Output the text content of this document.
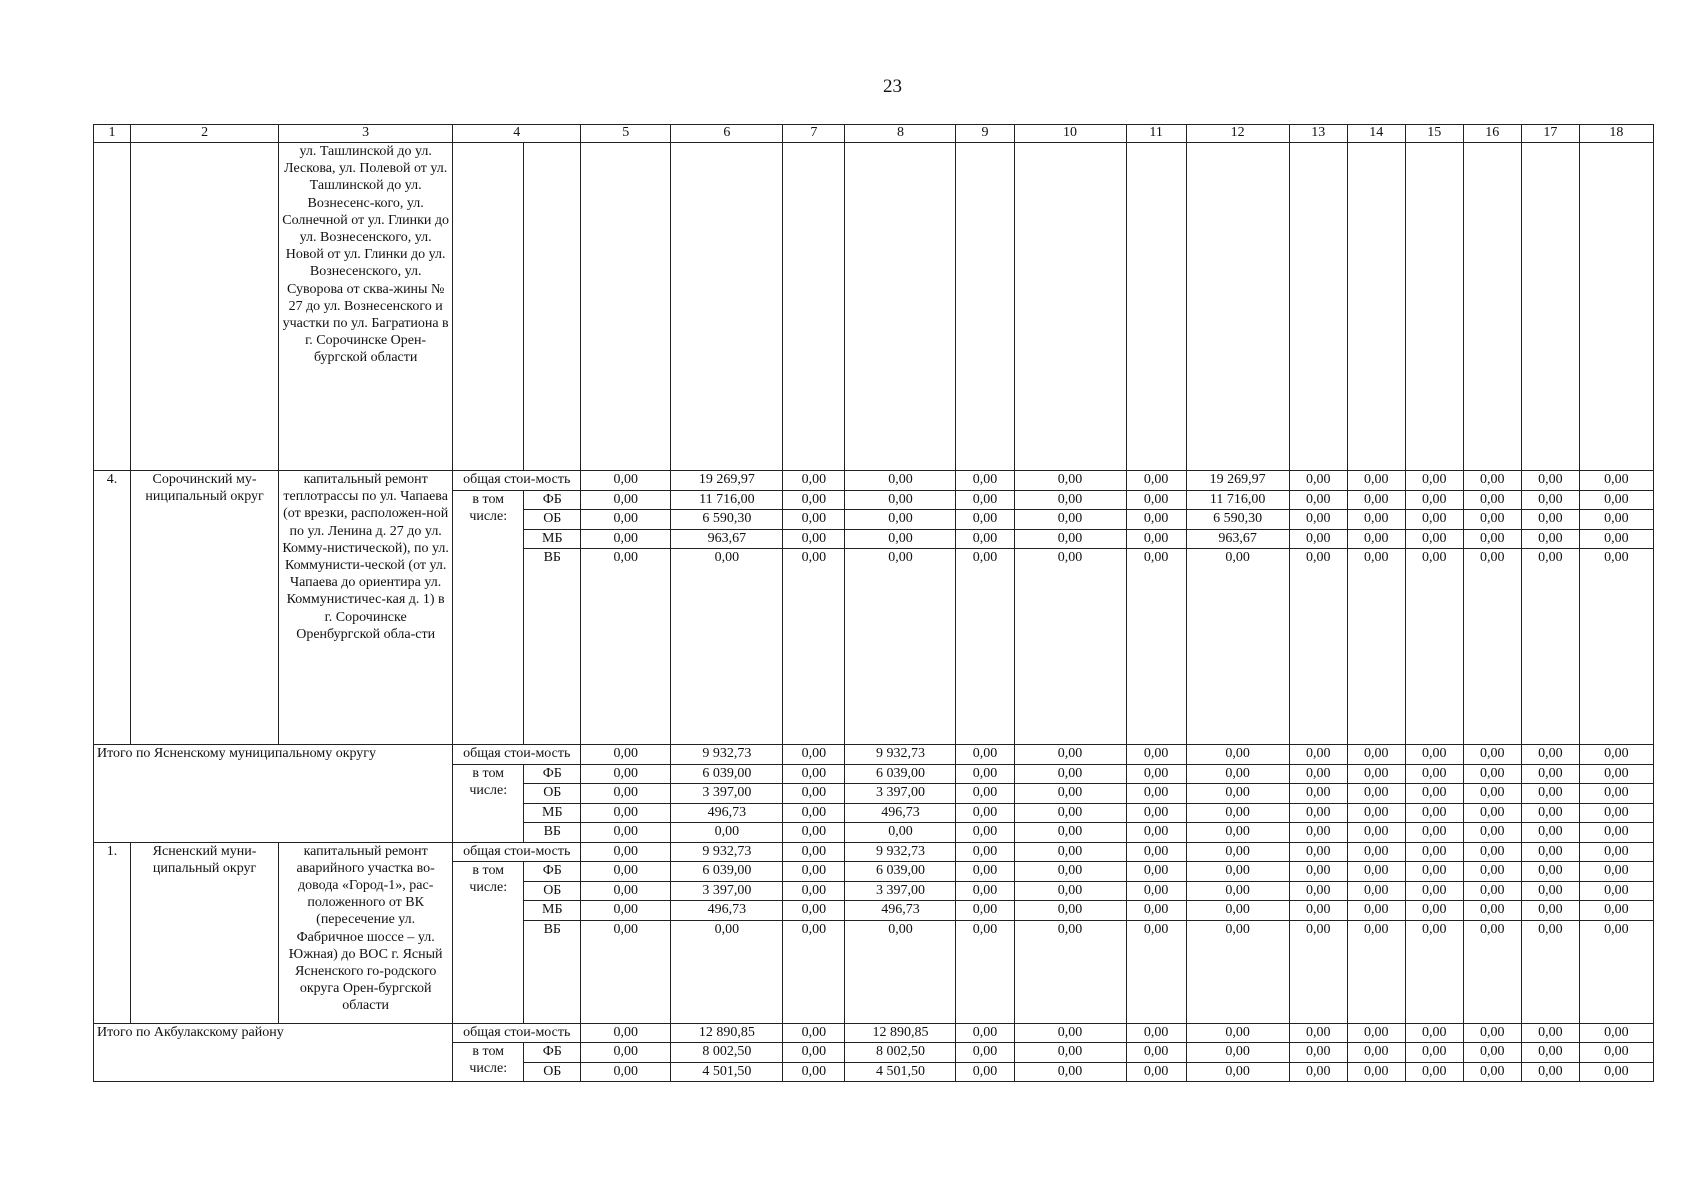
23
1	2	3	4		5	6	7	8	9	10	11	12	13	14	15	16	17	18
		ул. Ташлинской до ул. Лескова, ул. Полевой от ул. Ташлинской до ул. Вознесенс-кого, ул. Солнечной от ул. Глинки до ул. Вознесенского, ул. Новой от ул. Глинки до ул. Вознесенского, ул. Суворова от сква-жины № 27 до ул. Вознесенского и участки по ул. Багратиона в г. Сорочинске Орен-бургской области																
4.	Сорочинский му-ниципальный округ	капитальный ремонт теплотрассы по ул. Чапаева (от врезки, расположен-ной по ул. Ленина д. 27 до ул. Комму-нистической), по ул. Коммунисти-ческой (от ул. Чапаева до ориентира ул. Коммунистичес-кая д. 1) в г. Сорочинске Оренбургской обла-сти	общая стои-мость		0,00	19 269,97	0,00	0,00	0,00	0,00	0,00	19 269,97	0,00	0,00	0,00	0,00	0,00	0,00
			в том числе:	ФБ	0,00	11 716,00	0,00	0,00	0,00	0,00	0,00	11 716,00	0,00	0,00	0,00	0,00	0,00	0,00
				ОБ	0,00	6 590,30	0,00	0,00	0,00	0,00	0,00	6 590,30	0,00	0,00	0,00	0,00	0,00	0,00
				МБ	0,00	963,67	0,00	0,00	0,00	0,00	0,00	963,67	0,00	0,00	0,00	0,00	0,00	0,00
				ВБ	0,00	0,00	0,00	0,00	0,00	0,00	0,00	0,00	0,00	0,00	0,00	0,00	0,00	0,00
Итого по Ясненскому муниципальному округу			общая стои-мость		0,00	9 932,73	0,00	9 932,73	0,00	0,00	0,00	0,00	0,00	0,00	0,00	0,00	0,00	0,00
			в том числе:	ФБ	0,00	6 039,00	0,00	6 039,00	0,00	0,00	0,00	0,00	0,00	0,00	0,00	0,00	0,00	0,00
				ОБ	0,00	3 397,00	0,00	3 397,00	0,00	0,00	0,00	0,00	0,00	0,00	0,00	0,00	0,00	0,00
				МБ	0,00	496,73	0,00	496,73	0,00	0,00	0,00	0,00	0,00	0,00	0,00	0,00	0,00	0,00
				ВБ	0,00	0,00	0,00	0,00	0,00	0,00	0,00	0,00	0,00	0,00	0,00	0,00	0,00	0,00
1.	Ясненский муни-ципальный округ	капитальный ремонт аварийного участка во-довода «Город-1», рас-положенного от ВК (пересечение ул. Фабричное шоссе – ул. Южная) до ВОС г. Ясный Ясненского го-родского округа Орен-бургской области	общая стои-мость		0,00	9 932,73	0,00	9 932,73	0,00	0,00	0,00	0,00	0,00	0,00	0,00	0,00	0,00	0,00
			в том числе:	ФБ	0,00	6 039,00	0,00	6 039,00	0,00	0,00	0,00	0,00	0,00	0,00	0,00	0,00	0,00	0,00
				ОБ	0,00	3 397,00	0,00	3 397,00	0,00	0,00	0,00	0,00	0,00	0,00	0,00	0,00	0,00	0,00
				МБ	0,00	496,73	0,00	496,73	0,00	0,00	0,00	0,00	0,00	0,00	0,00	0,00	0,00	0,00
				ВБ	0,00	0,00	0,00	0,00	0,00	0,00	0,00	0,00	0,00	0,00	0,00	0,00	0,00	0,00
Итого по Акбулакскому району			общая стои-мость		0,00	12 890,85	0,00	12 890,85	0,00	0,00	0,00	0,00	0,00	0,00	0,00	0,00	0,00	0,00
			в том числе:	ФБ	0,00	8 002,50	0,00	8 002,50	0,00	0,00	0,00	0,00	0,00	0,00	0,00	0,00	0,00	0,00
				ОБ	0,00	4 501,50	0,00	4 501,50	0,00	0,00	0,00	0,00	0,00	0,00	0,00	0,00	0,00	0,00
